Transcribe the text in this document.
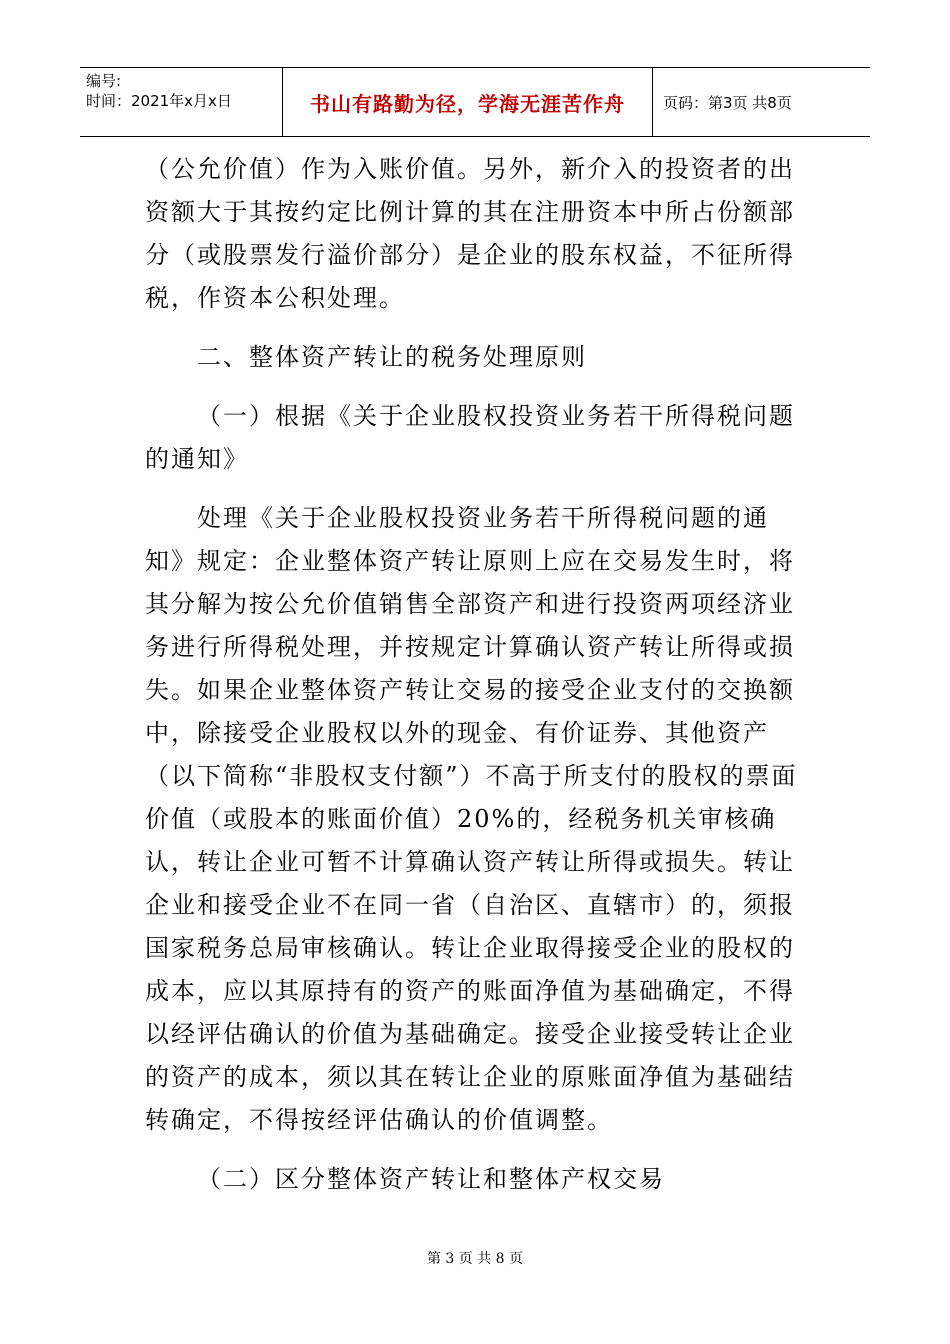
编号:
时间：2021年x月x日	书山有路勤为径，学海无涯苦作舟	页码：第3页 共8页

（公允价值）作为入账价值。另外，新介入的投资者的出资额大于其按约定比例计算的其在注册资本中所占份额部分（或股票发行溢价部分）是企业的股东权益，不征所得税，作资本公积处理。

二、整体资产转让的税务处理原则

（一）根据《关于企业股权投资业务若干所得税问题的通知》

处理《关于企业股权投资业务若干所得税问题的通知》规定：企业整体资产转让原则上应在交易发生时，将其分解为按公允价值销售全部资产和进行投资两项经济业务进行所得税处理，并按规定计算确认资产转让所得或损失。如果企业整体资产转让交易的接受企业支付的交换额中，除接受企业股权以外的现金、有价证券、其他资产（以下简称“非股权支付额”）不高于所支付的股权的票面价值（或股本的账面价值）20%的，经税务机关审核确认，转让企业可暂不计算确认资产转让所得或损失。转让企业和接受企业不在同一省（自治区、直辖市）的，须报国家税务总局审核确认。转让企业取得接受企业的股权的成本，应以其原持有的资产的账面净值为基础确定，不得以经评估确认的价值为基础确定。接受企业接受转让企业的资产的成本，须以其在转让企业的原账面净值为基础结转确定，不得按经评估确认的价值调整。

（二）区分整体资产转让和整体产权交易

第 3 页 共 8 页
